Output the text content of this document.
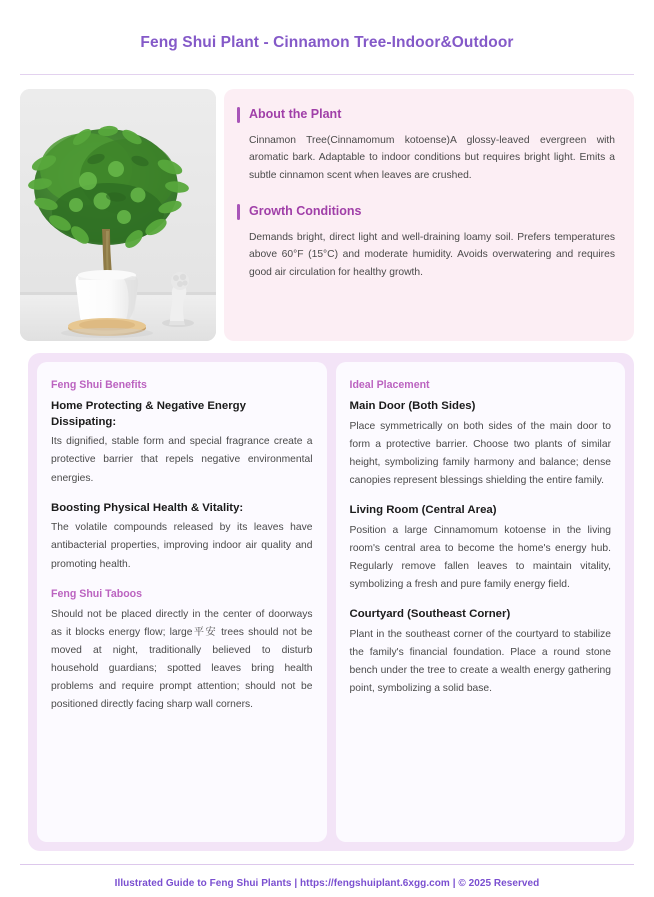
Feng Shui Plant - Cinnamon Tree-Indoor&Outdoor
About the Plant
Cinnamon Tree(Cinnamomum kotoense)A glossy-leaved evergreen with aromatic bark. Adaptable to indoor conditions but requires bright light. Emits a subtle cinnamon scent when leaves are crushed.
Growth Conditions
Demands bright, direct light and well-draining loamy soil. Prefers temperatures above 60°F (15°C) and moderate humidity. Avoids overwatering and requires good air circulation for healthy growth.
Feng Shui Benefits
Home Protecting & Negative Energy Dissipating:
Its dignified, stable form and special fragrance create a protective barrier that repels negative environmental energies.
Boosting Physical Health & Vitality:
The volatile compounds released by its leaves have antibacterial properties, improving indoor air quality and promoting health.
Feng Shui Taboos
Should not be placed directly in the center of doorways as it blocks energy flow; large平安 trees should not be moved at night, traditionally believed to disturb household guardians; spotted leaves bring health problems and require prompt attention; should not be positioned directly facing sharp wall corners.
Ideal Placement
Main Door (Both Sides)
Place symmetrically on both sides of the main door to form a protective barrier. Choose two plants of similar height, symbolizing family harmony and balance; dense canopies represent blessings shielding the entire family.
Living Room (Central Area)
Position a large Cinnamomum kotoense in the living room's central area to become the home's energy hub. Regularly remove fallen leaves to maintain vitality, symbolizing a fresh and pure family energy field.
Courtyard (Southeast Corner)
Plant in the southeast corner of the courtyard to stabilize the family's financial foundation. Place a round stone bench under the tree to create a wealth energy gathering point, symbolizing a solid base.
Illustrated Guide to Feng Shui Plants | https://fengshuiplant.6xgg.com | © 2025 Reserved
